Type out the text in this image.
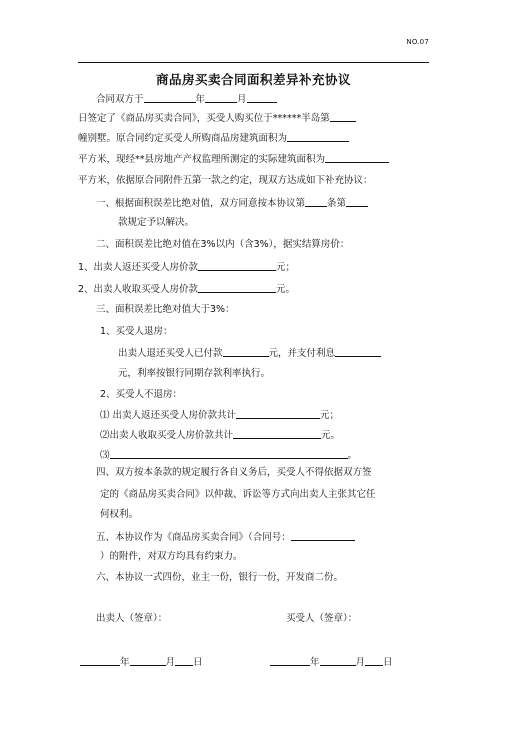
NO.07
商品房买卖合同面积差异补充协议
合同双方于	年	月
日签定了《商品房买卖合同》，买受人购买位于******半岛第
幢别墅。原合同约定买受人所购商品房建筑面积为
平方米，现经**县房地产产权监理所测定的实际建筑面积为
平方米，依据原合同附件五第一款之约定，现双方达成如下补充协议：
一、根据面积误差比绝对值，双方同意按本协议第 条第
款规定予以解决。
二、面积误差比绝对值在3%以内（含3%），据实结算房价：
1、出卖人返还买受人房价款	元；
2、出卖人收取买受人房价款	元。
三、面积误差比绝对值大于3%：
1、买受人退房：
出卖人退还买受人已付款	元，并支付利息
元，利率按银行同期存款利率执行。
2、买受人不退房：
⑴ 出卖人返还买受人房价款共计	元；
⑵出卖人收取买受人房价款共计	元。
⑶	。
四、双方按本条款的规定履行各自义务后，买受人不得依据双方签
定的《商品房买卖合同》以仲裁、诉讼等方式向出卖人主张其它任
何权利。
五、本协议作为《商品房买卖合同》（合同号：
）的附件，对双方均具有约束力。
六、本协议一式四份，业主一份，银行一份，开发商二份。
出卖人（签章）：	买受人（签章）：
年	月 日	年	月 日
